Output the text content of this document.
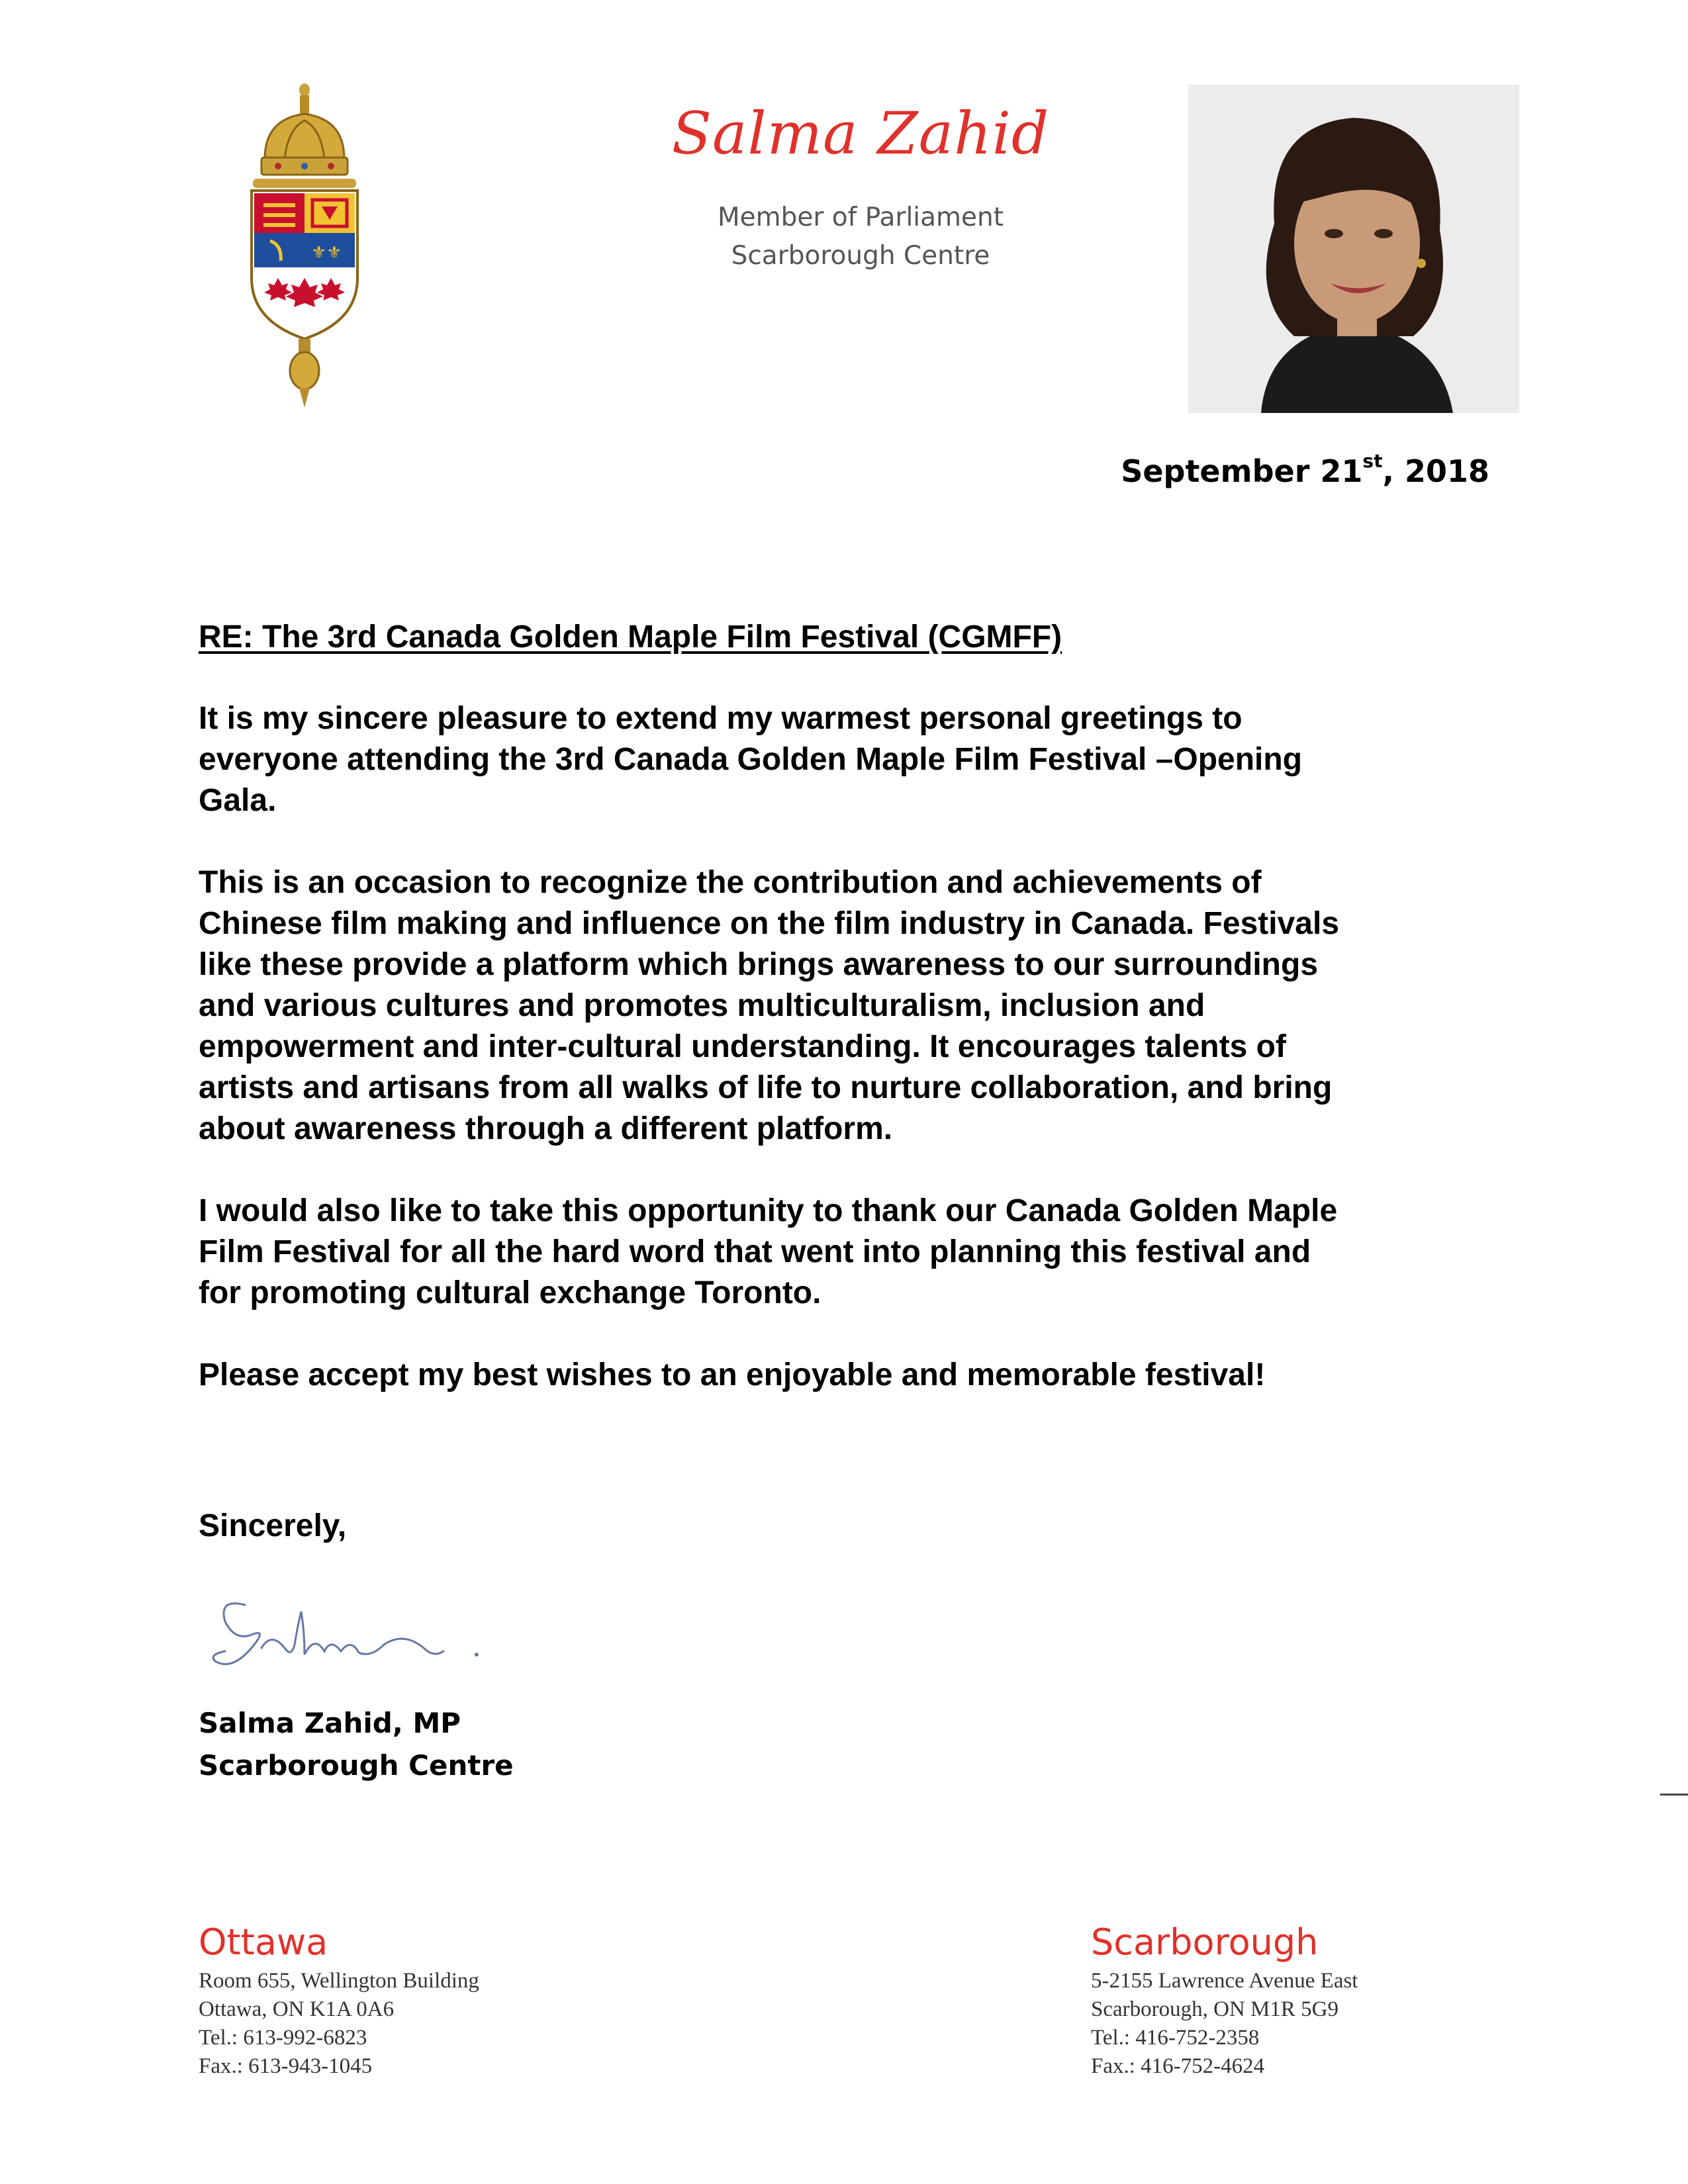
⚜⚜
Salma Zahid
Member of Parliament
Scarborough Centre
September 21st, 2018
RE: The 3rd Canada Golden Maple Film Festival (CGMFF)
It is my sincere pleasure to extend my warmest personal greetings to
everyone attending the 3rd Canada Golden Maple Film Festival –Opening
Gala.
This is an occasion to recognize the contribution and achievements of
Chinese film making and influence on the film industry in Canada. Festivals
like these provide a platform which brings awareness to our surroundings
and various cultures and promotes multiculturalism, inclusion and
empowerment and inter-cultural understanding. It encourages talents of
artists and artisans from all walks of life to nurture collaboration, and bring
about awareness through a different platform.
I would also like to take this opportunity to thank our Canada Golden Maple
Film Festival for all the hard word that went into planning this festival and
for promoting cultural exchange Toronto.
Please accept my best wishes to an enjoyable and memorable festival!
Sincerely,
Salma Zahid, MP
Scarborough Centre
Ottawa
Room 655, Wellington Building
Ottawa, ON K1A 0A6
Tel.: 613-992-6823
Fax.: 613-943-1045
Scarborough
5-2155 Lawrence Avenue East
Scarborough, ON M1R 5G9
Tel.: 416-752-2358
Fax.: 416-752-4624
